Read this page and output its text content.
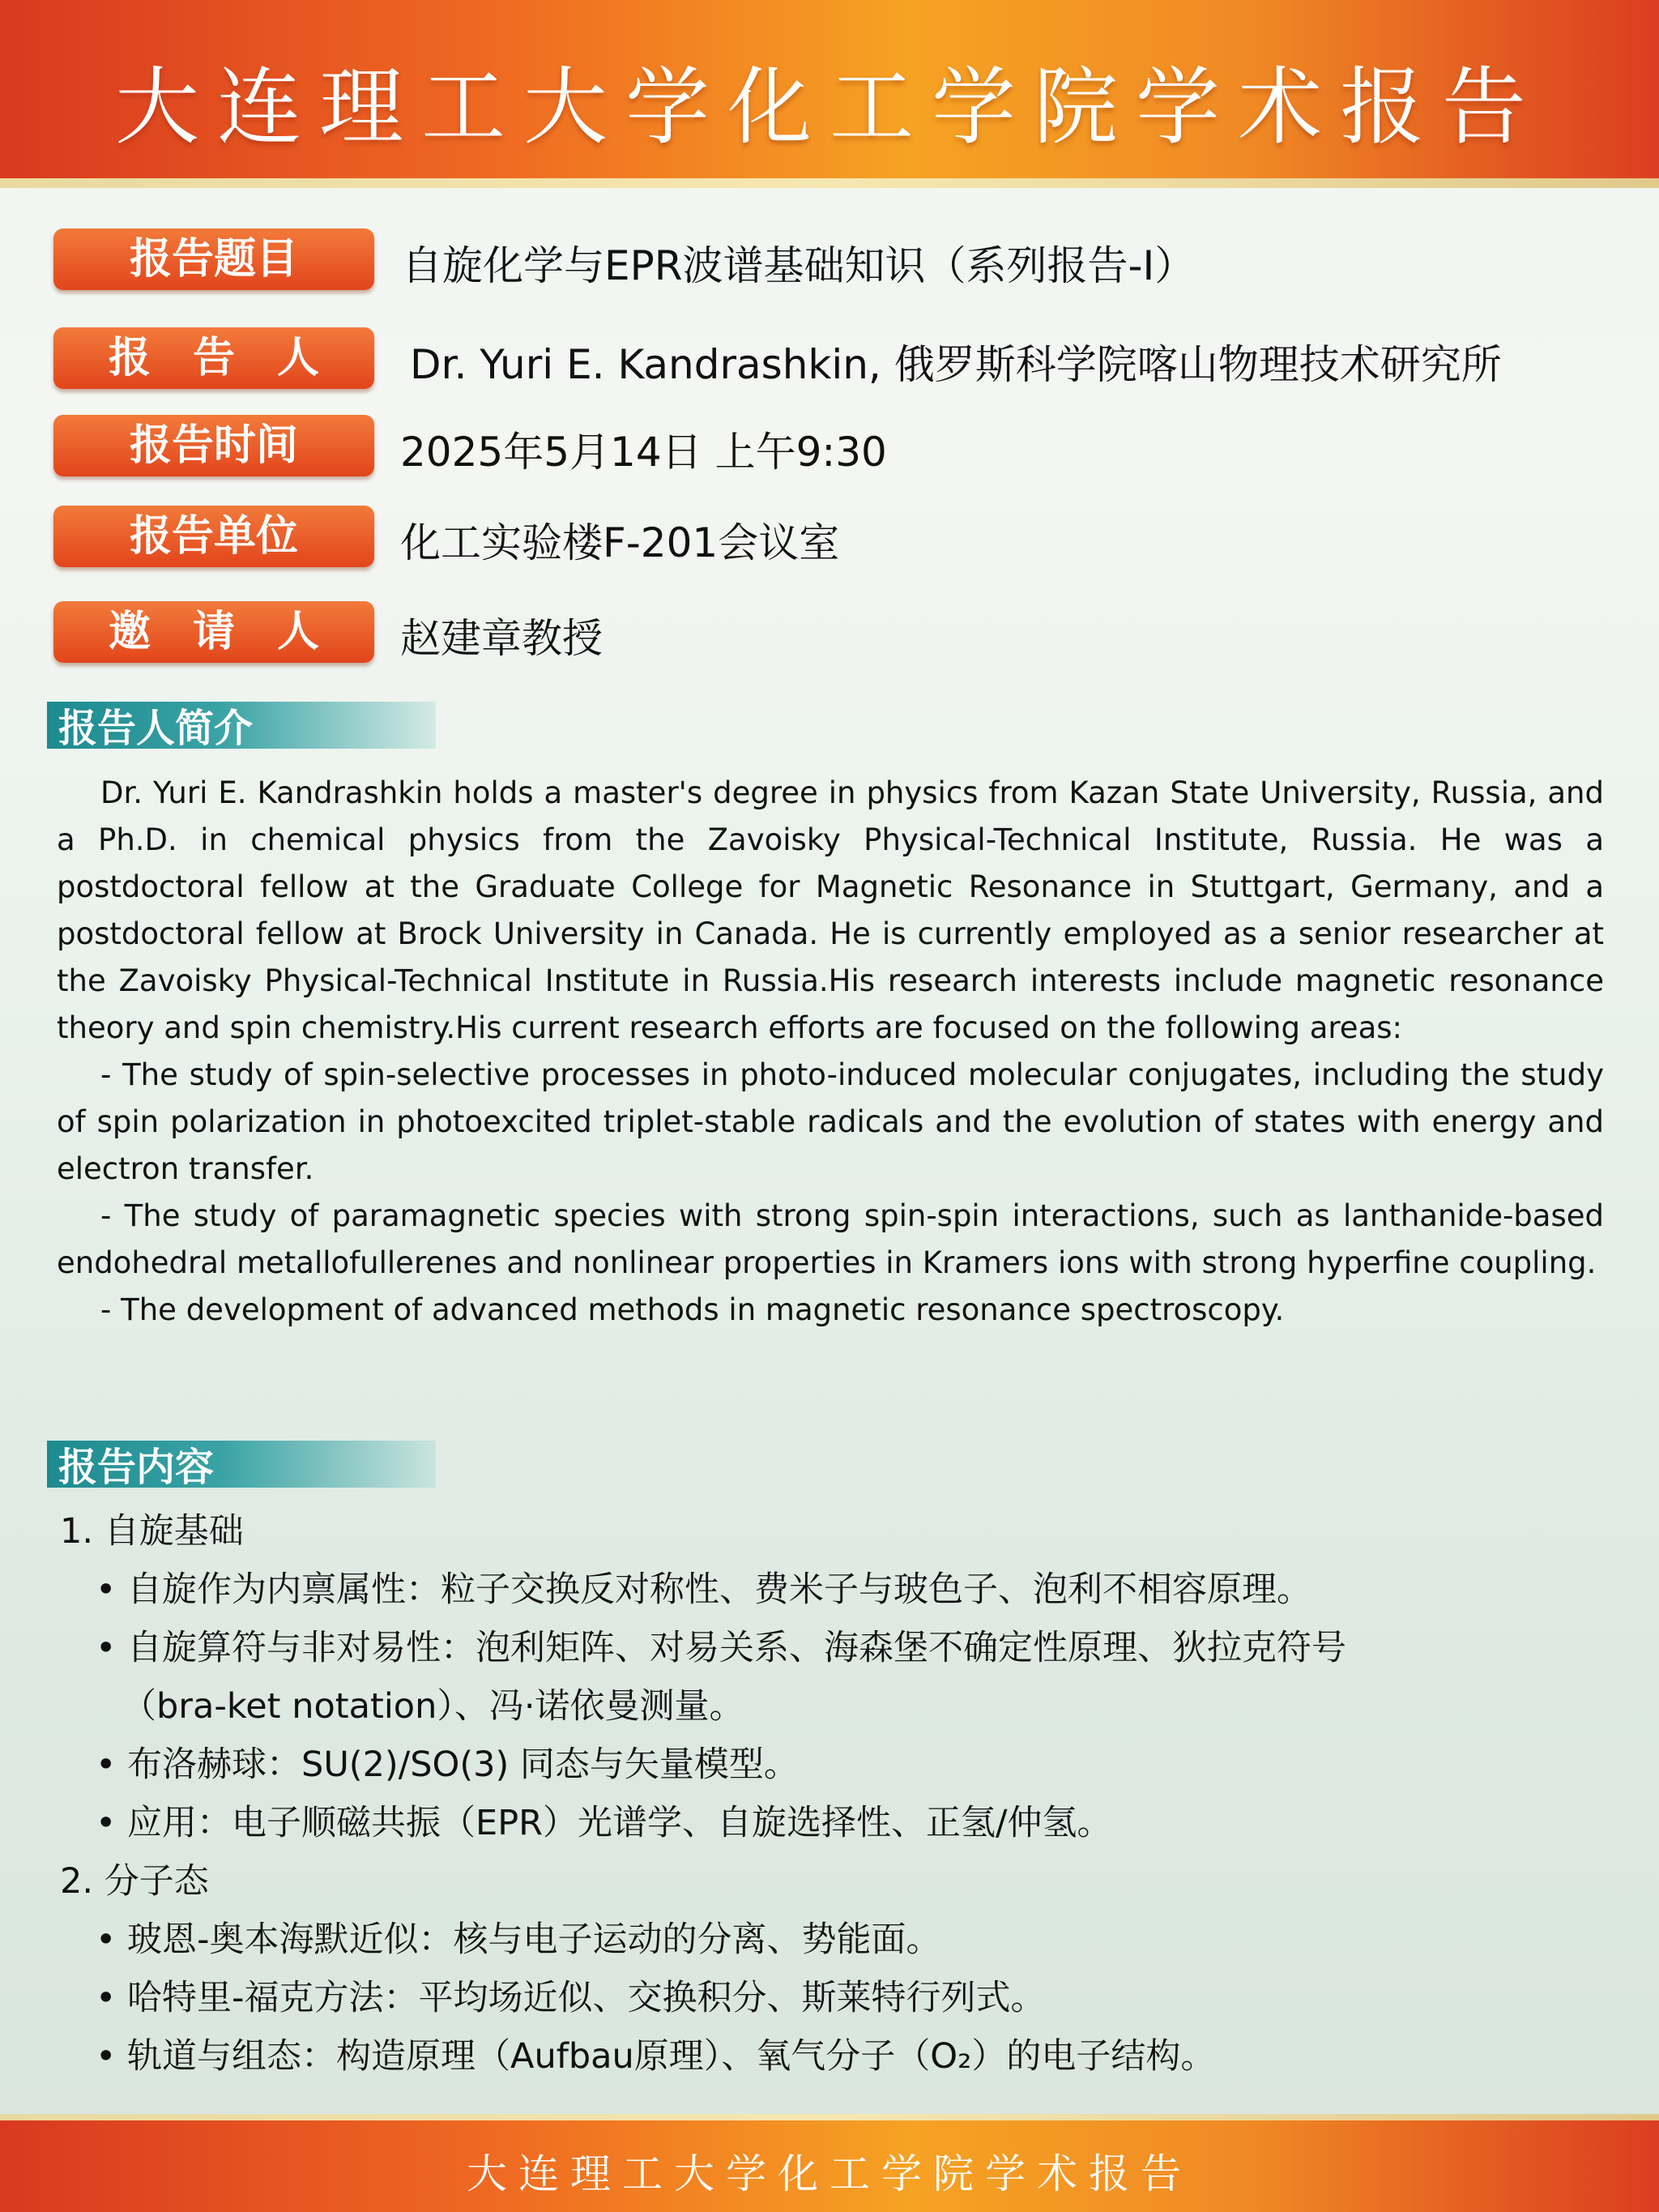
大连理工大学化工学院学术报告
报告题目	自旋化学与EPR波谱基础知识（系列报告-I）
报　告　人	Dr. Yuri E. Kandrashkin, 俄罗斯科学院喀山物理技术研究所
报告时间	2025年5月14日 上午9:30
报告单位	化工实验楼F-201会议室
邀　请　人	赵建章教授
报告人简介

Dr. Yuri E. Kandrashkin holds a master's degree in physics from Kazan State University, Russia, and a Ph.D. in chemical physics from the Zavoisky Physical-Technical Institute, Russia. He was a postdoctoral fellow at the Graduate College for Magnetic Resonance in Stuttgart, Germany, and a postdoctoral fellow at Brock University in Canada. He is currently employed as a senior researcher at the Zavoisky Physical-Technical Institute in Russia.His research interests include magnetic resonance theory and spin chemistry.His current research efforts are focused on the following areas:

- The study of spin-selective processes in photo-induced molecular conjugates, including the study of spin polarization in photoexcited triplet-stable radicals and the evolution of states with energy and electron transfer.

- The study of paramagnetic species with strong spin-spin interactions, such as lanthanide-based endohedral metallofullerenes and nonlinear properties in Kramers ions with strong hyperfine coupling.

- The development of advanced methods in magnetic resonance spectroscopy.

报告内容
1. 自旋基础
• 自旋作为内禀属性：粒子交换反对称性、费米子与玻色子、泡利不相容原理。
• 自旋算符与非对易性：泡利矩阵、对易关系、海森堡不确定性原理、狄拉克符号
（bra-ket notation）、冯·诺依曼测量。
• 布洛赫球：SU(2)/SO(3) 同态与矢量模型。
• 应用：电子顺磁共振（EPR）光谱学、自旋选择性、正氢/仲氢。
2. 分子态
• 玻恩-奥本海默近似：核与电子运动的分离、势能面。
• 哈特里-福克方法：平均场近似、交换积分、斯莱特行列式。
• 轨道与组态：构造原理（Aufbau原理）、氧气分子（O₂）的电子结构。
大连理工大学化工学院学术报告
